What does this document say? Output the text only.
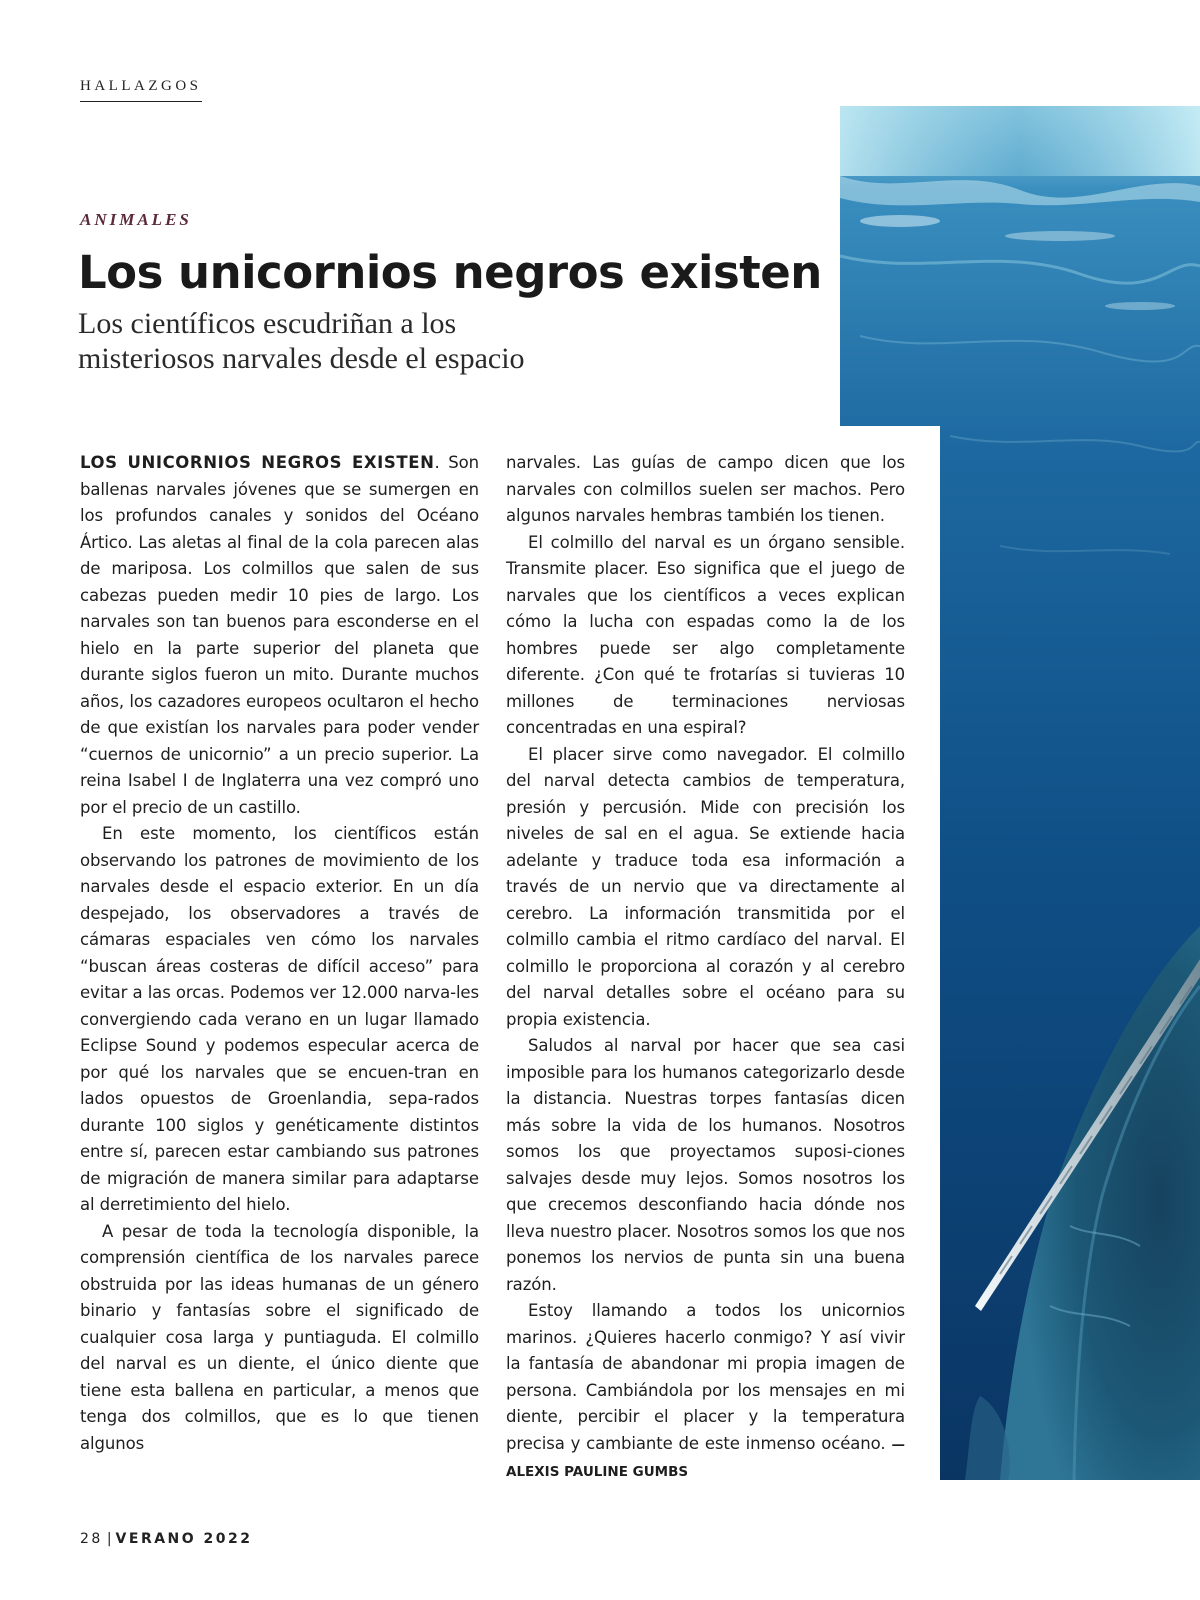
HALLAZGOS
ANIMALES
Los unicornios negros existen
Los científicos escudriñan a los
misteriosos narvales desde el espacio

LOS UNICORNIOS NEGROS EXISTEN. Son ballenas narvales jóvenes que se sumergen en los profundos canales y sonidos del Océano Ártico. Las aletas al final de la cola parecen alas de mariposa. Los colmillos que salen de sus cabezas pueden medir 10 pies de largo. Los narvales son tan buenos para esconderse en el hielo en la parte superior del planeta que durante siglos fueron un mito. Durante muchos años, los cazadores europeos ocultaron el hecho de que existían los narvales para poder vender “cuernos de unicornio” a un precio superior. La reina Isabel I de Inglaterra una vez compró uno por el precio de un castillo.

En este momento, los científicos están observando los patrones de movimiento de los narvales desde el espacio exterior. En un día despejado, los observadores a través de cámaras espaciales ven cómo los narvales “buscan áreas costeras de difícil acceso” para evitar a las orcas. Podemos ver 12.000 narva-les convergiendo cada verano en un lugar llamado Eclipse Sound y podemos especular acerca de por qué los narvales que se encuen-tran en lados opuestos de Groenlandia, sepa-rados durante 100 siglos y genéticamente distintos entre sí, parecen estar cambiando sus patrones de migración de manera similar para adaptarse al derretimiento del hielo.

A pesar de toda la tecnología disponible, la comprensión científica de los narvales parece obstruida por las ideas humanas de un género binario y fantasías sobre el significado de cualquier cosa larga y puntiaguda. El colmillo del narval es un diente, el único diente que tiene esta ballena en particular, a menos que tenga dos colmillos, que es lo que tienen algunos

narvales. Las guías de campo dicen que los narvales con colmillos suelen ser machos. Pero algunos narvales hembras también los tienen.

El colmillo del narval es un órgano sensible. Transmite placer. Eso significa que el juego de narvales que los científicos a veces explican cómo la lucha con espadas como la de los hombres puede ser algo completamente diferente. ¿Con qué te frotarías si tuvieras 10 millones de terminaciones nerviosas concentradas en una espiral?

El placer sirve como navegador. El colmillo del narval detecta cambios de temperatura, presión y percusión. Mide con precisión los niveles de sal en el agua. Se extiende hacia adelante y traduce toda esa información a través de un nervio que va directamente al cerebro. La información transmitida por el colmillo cambia el ritmo cardíaco del narval. El colmillo le proporciona al corazón y al cerebro del narval detalles sobre el océano para su propia existencia.

Saludos al narval por hacer que sea casi imposible para los humanos categorizarlo desde la distancia. Nuestras torpes fantasías dicen más sobre la vida de los humanos. Nosotros somos los que proyectamos suposi-ciones salvajes desde muy lejos. Somos nosotros los que crecemos desconfiando hacia dónde nos lleva nuestro placer. Nosotros somos los que nos ponemos los nervios de punta sin una buena razón.

Estoy llamando a todos los unicornios marinos. ¿Quieres hacerlo conmigo? Y así vivir la fantasía de abandonar mi propia imagen de persona. Cambiándola por los mensajes en mi diente, percibir el placer y la temperatura precisa y cambiante de este inmenso océano. —ALEXIS PAULINE GUMBS

28 | VERANO 2022
